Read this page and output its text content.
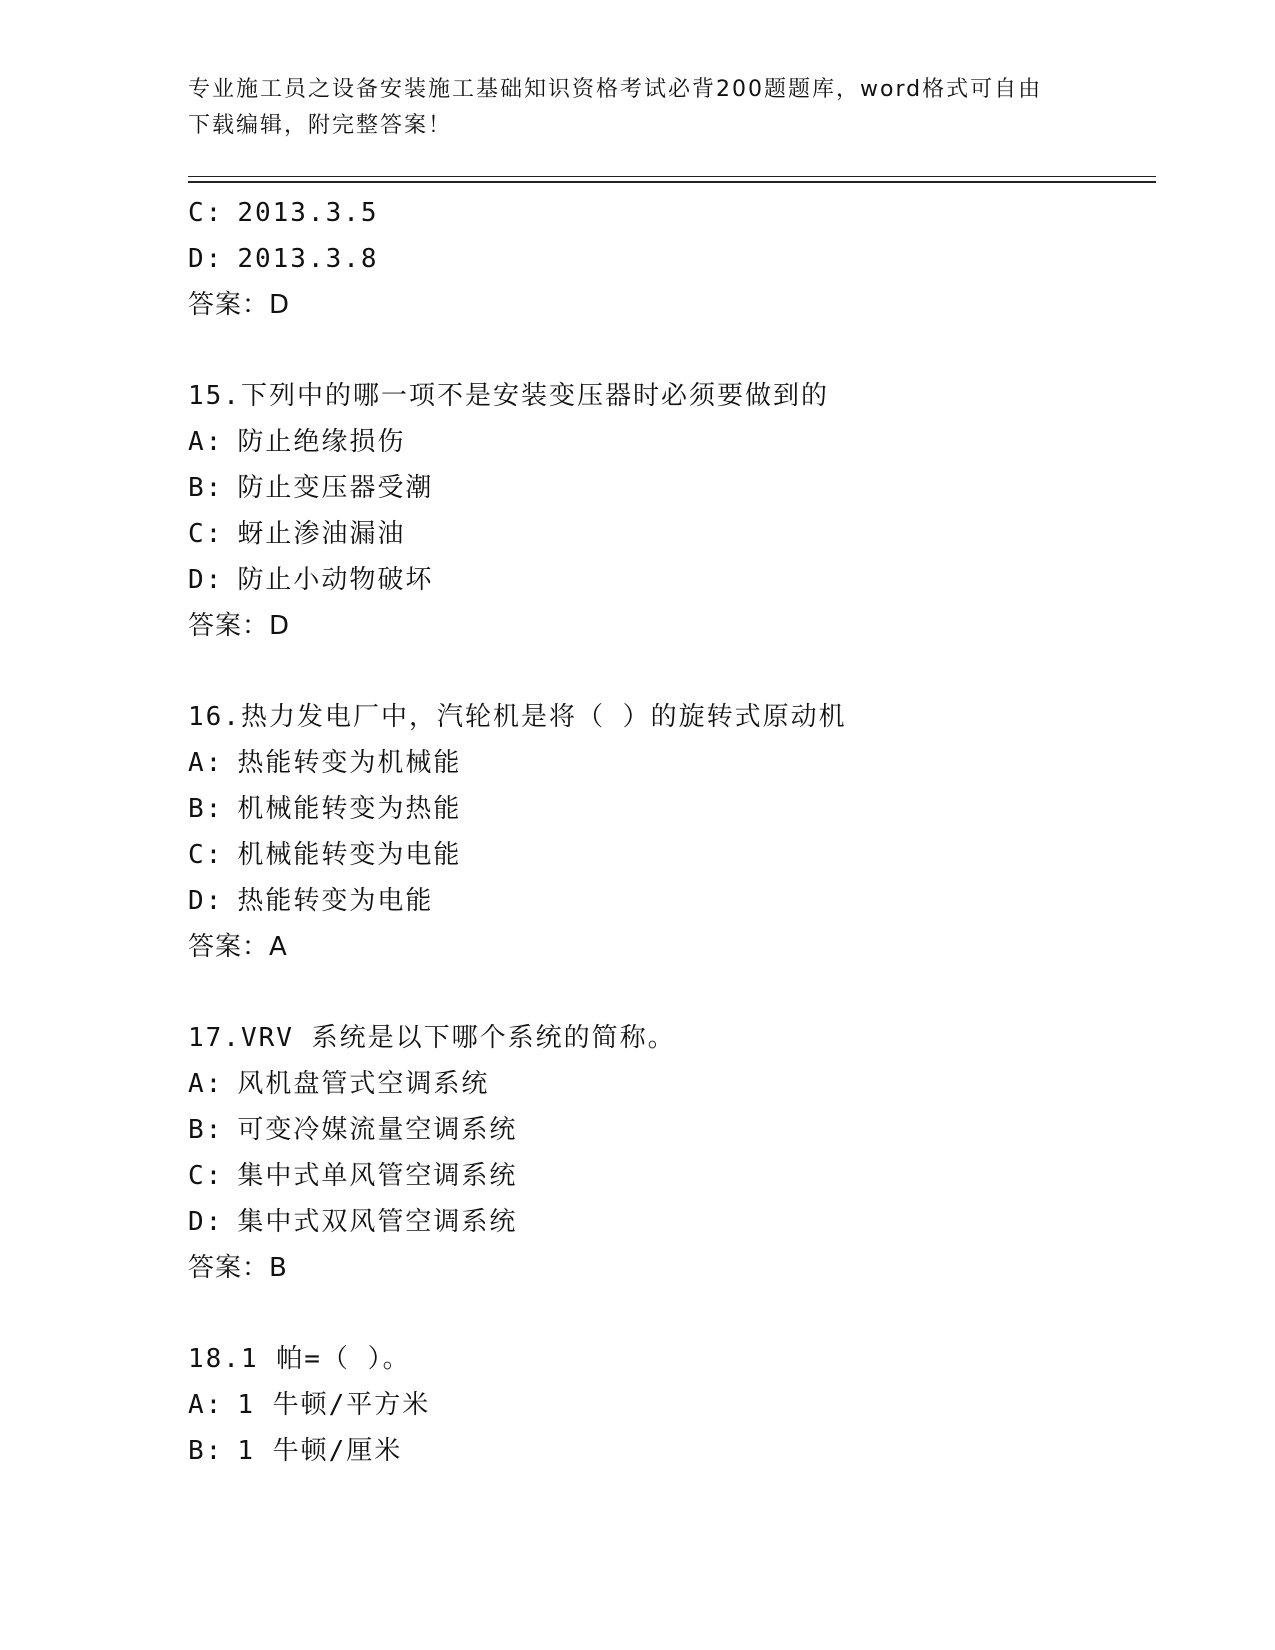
专业施工员之设备安装施工基础知识资格考试必背200题题库，word格式可自由
下载编辑，附完整答案！
C: 2013.3.5
D: 2013.3.8
答案：D
15.下列中的哪一项不是安装变压器时必须要做到的
A: 防止绝缘损伤
B: 防止变压器受潮
C: 蚜止渗油漏油
D: 防止小动物破坏
答案：D
16.热力发电厂中，汽轮机是将（ ）的旋转式原动机
A: 热能转变为机械能
B: 机械能转变为热能
C: 机械能转变为电能
D: 热能转变为电能
答案：A
17.VRV 系统是以下哪个系统的简称。
A: 风机盘管式空调系统
B: 可变冷媒流量空调系统
C: 集中式单风管空调系统
D: 集中式双风管空调系统
答案：B
18.1 帕=（ ）。
A: 1 牛顿/平方米
B: 1 牛顿/厘米
